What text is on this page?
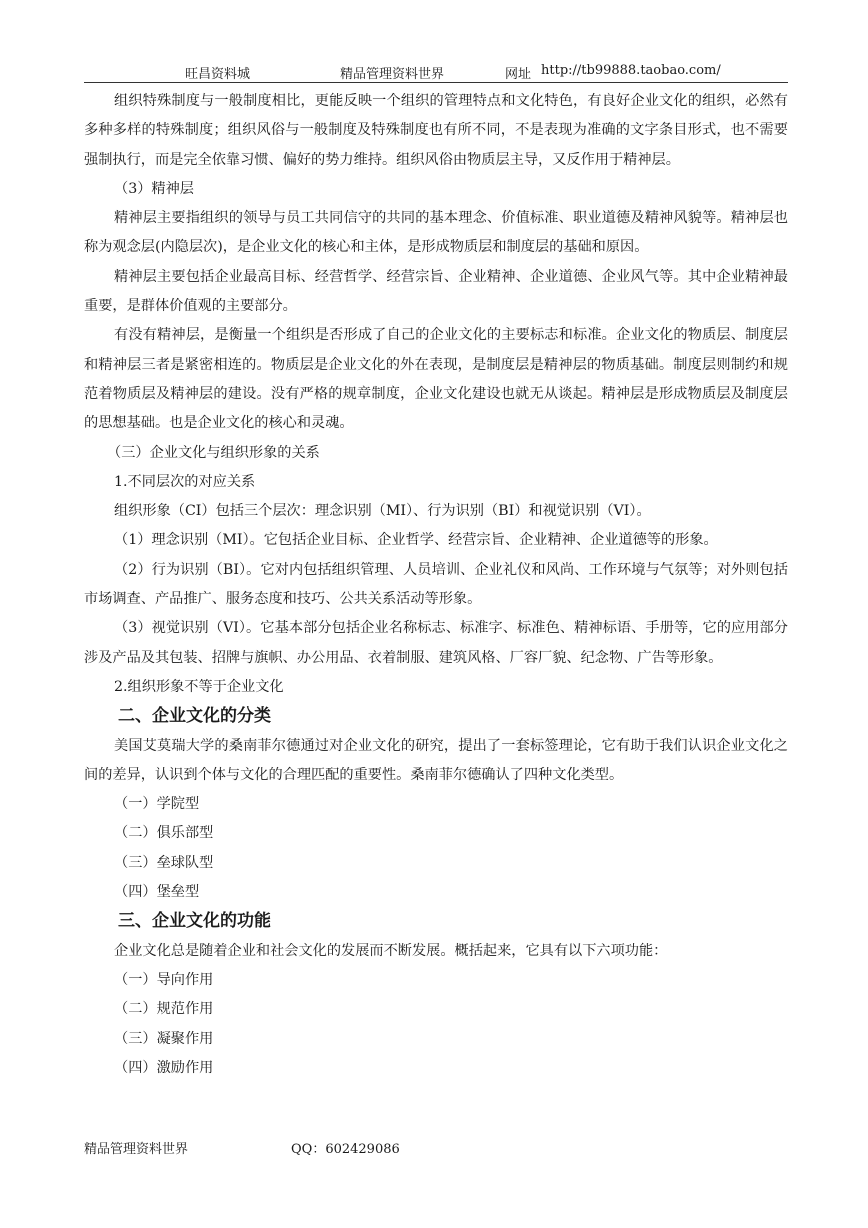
旺昌资料城	精品管理资料世界	网址 http://tb99888.taobao.com/

组织特殊制度与一般制度相比，更能反映一个组织的管理特点和文化特色，有良好企业文化的组织，必然有多种多样的特殊制度；组织风俗与一般制度及特殊制度也有所不同，不是表现为准确的文字条目形式，也不需要强制执行，而是完全依靠习惯、偏好的势力维持。组织风俗由物质层主导，又反作用于精神层。

（3）精神层

精神层主要指组织的领导与员工共同信守的共同的基本理念、价值标准、职业道德及精神风貌等。精神层也称为观念层(内隐层次)，是企业文化的核心和主体，是形成物质层和制度层的基础和原因。

精神层主要包括企业最高目标、经营哲学、经营宗旨、企业精神、企业道德、企业风气等。其中企业精神最重要，是群体价值观的主要部分。

有没有精神层，是衡量一个组织是否形成了自己的企业文化的主要标志和标准。企业文化的物质层、制度层和精神层三者是紧密相连的。物质层是企业文化的外在表现，是制度层是精神层的物质基础。制度层则制约和规范着物质层及精神层的建设。没有严格的规章制度，企业文化建设也就无从谈起。精神层是形成物质层及制度层的思想基础。也是企业文化的核心和灵魂。

（三）企业文化与组织形象的关系

1.不同层次的对应关系

组织形象（CI）包括三个层次：理念识别（MI）、行为识别（BI）和视觉识别（VI）。

（1）理念识别（MI）。它包括企业目标、企业哲学、经营宗旨、企业精神、企业道德等的形象。

（2）行为识别（BI）。它对内包括组织管理、人员培训、企业礼仪和风尚、工作环境与气氛等；对外则包括市场调查、产品推广、服务态度和技巧、公共关系活动等形象。

（3）视觉识别（VI）。它基本部分包括企业名称标志、标准字、标准色、精神标语、手册等，它的应用部分涉及产品及其包装、招牌与旗帜、办公用品、衣着制服、建筑风格、厂容厂貌、纪念物、广告等形象。

2.组织形象不等于企业文化

二、企业文化的分类

美国艾莫瑞大学的桑南菲尔德通过对企业文化的研究，提出了一套标签理论，它有助于我们认识企业文化之间的差异，认识到个体与文化的合理匹配的重要性。桑南菲尔德确认了四种文化类型。

（一）学院型

（二）俱乐部型

（三）垒球队型

（四）堡垒型

三、企业文化的功能

企业文化总是随着企业和社会文化的发展而不断发展。概括起来，它具有以下六项功能：

（一）导向作用

（二）规范作用

（三）凝聚作用

（四）激励作用

精品管理资料世界	QQ：602429086
